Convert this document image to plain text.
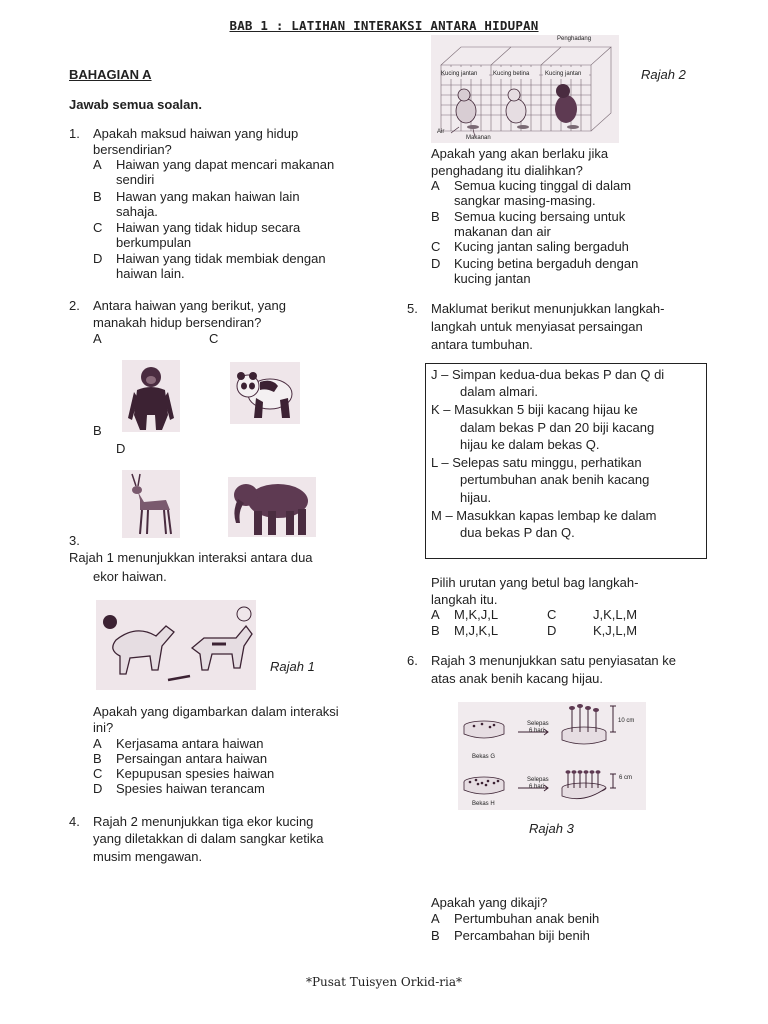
BAB 1 : LATIHAN INTERAKSI ANTARA HIDUPAN
BAHAGIAN A
Jawab semua soalan.
1. Apakah maksud haiwan yang hidup
bersendirian?
A Haiwan yang dapat mencari makanan
sendiri
B Hawan yang makan haiwan lain
sahaja.
C Haiwan yang tidak hidup secara
berkumpulan
D Haiwan yang tidak membiak dengan
haiwan lain.
2. Antara haiwan yang berikut, yang
manakah hidup bersendiran?
A	C
B
D
3.
Rajah 1 menunjukkan interaksi antara dua
ekor haiwan.
Rajah 1
Apakah yang digambarkan dalam interaksi
ini?
A Kerjasama antara haiwan
B Persaingan antara haiwan
C Kepupusan spesies haiwan
D Spesies haiwan terancam
4. Rajah 2 menunjukkan tiga ekor kucing
yang diletakkan di dalam sangkar ketika
musim mengawan.
Penghadang
Kucing jantan	Kucing betina	Kucing jantan
Air
Makanan
Rajah 2
Apakah yang akan berlaku jika
penghadang itu dialihkan?
A Semua kucing tinggal di dalam
sangkar masing-masing.
B Semua kucing bersaing untuk
makanan dan air
C Kucing jantan saling bergaduh
D Kucing betina bergaduh dengan
kucing jantan
5. Maklumat berikut menunjukkan langkah-
langkah untuk menyiasat persaingan
antara tumbuhan.
J – Simpan kedua-dua bekas P dan Q di
dalam almari.
K – Masukkan 5 biji kacang hijau ke
dalam bekas P dan 20 biji kacang
hijau ke dalam bekas Q.
L – Selepas satu minggu, perhatikan
pertumbuhan anak benih kacang
hijau.
M – Masukkan kapas lembap ke dalam
dua bekas P dan Q.
Pilih urutan yang betul bag langkah-
langkah itu.
A M,K,J,L	C	J,K,L,M
B M,J,K,L	D	K,J,L,M
6. Rajah 3 menunjukkan satu penyiasatan ke
atas anak benih kacang hijau.
Selepas
6 hari
Selepas
6 hari
Bekas G
Bekas H
10 cm
6 cm
Rajah 3
Apakah yang dikaji?
A Pertumbuhan anak benih
B Percambahan biji benih
*Pusat Tuisyen Orkid-ria*
